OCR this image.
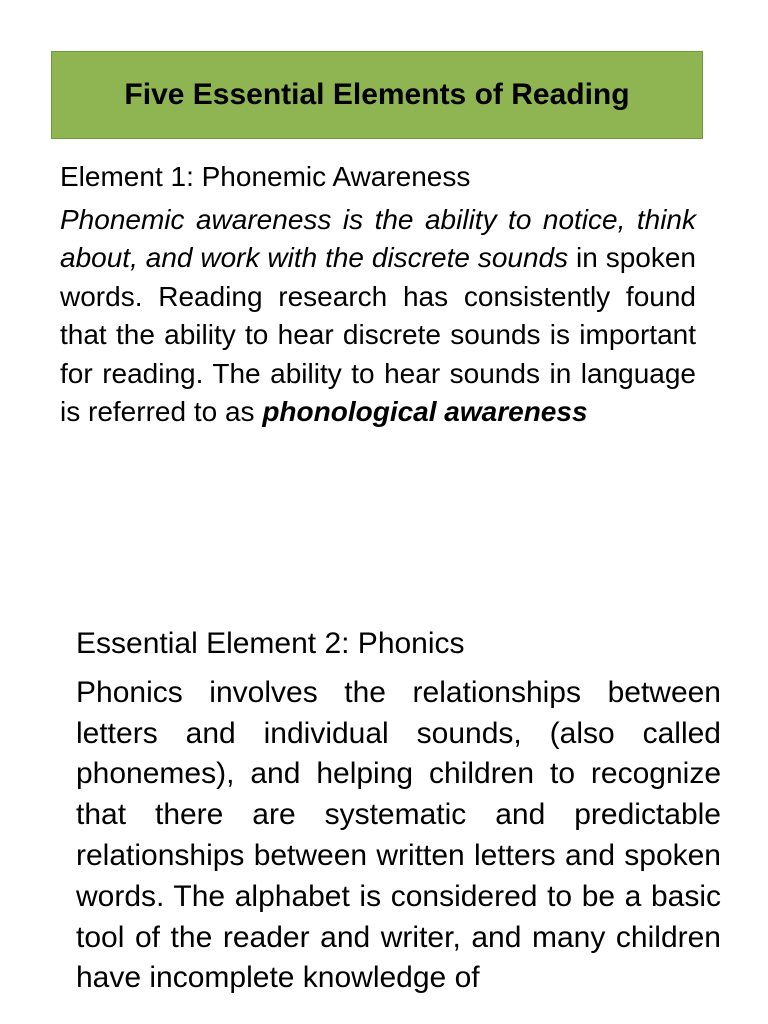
Five Essential Elements of Reading
Element 1: Phonemic Awareness

Phonemic awareness is the ability to notice, think about, and work with the discrete sounds in spoken words. Reading research has consistently found that the ability to hear discrete sounds is important for reading. The ability to hear sounds in language is referred to as phonological awareness

Essential Element 2: Phonics

Phonics involves the relationships between letters and individual sounds, (also called phonemes), and helping children to recognize that there are systematic and predictable relationships between written letters and spoken words. The alphabet is considered to be a basic tool of the reader and writer, and many children have incomplete knowledge of
